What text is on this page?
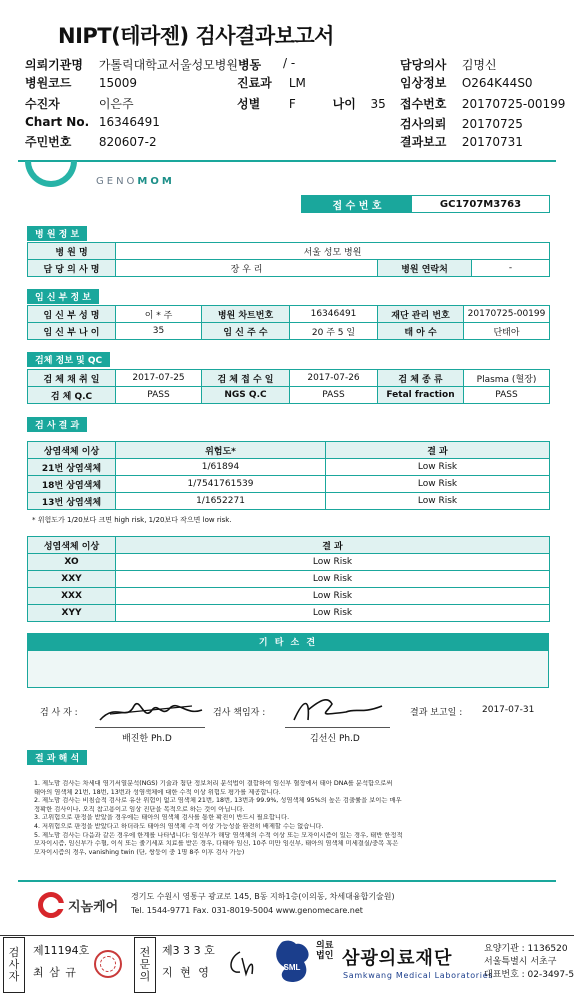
NIPT(테라젠) 검사결과보고서
의뢰기관명 가톨릭대학교서울성모병원병동 / -	담당의사 김명신
병원코드 15009	진료과 LM	임상정보 O264K44S0
수진자	이은주	성별 F	나이 35 접수번호 20170725-00199
Chart No. 16346491	검사의뢰 20170725
주민번호 820607-2	결과보고 20170731
GENOMOM
접 수 번 호	GC1707M3763
병 원 정 보
병 원 명	서울 성모 병원		
담 당 의 사 명	장 우 리	병원 연락처	-
임 신 부 정 보
임 신 부 성 명	이 * 주	병원 차트번호	16346491	재단 관리 번호	20170725-00199
임 신 부 나 이	35	임 신 주 수	20 주 5 일	태 아 수	단태아
검체 정보 및 QC
검 체 채 취 일	2017-07-25	검 체 접 수 일	2017-07-26	검 체 종 류	Plasma (혈장)
검 체 Q.C	PASS	NGS Q.C	PASS	Fetal fraction	PASS
검 사 결 과
상염색체 이상	위험도*	결 과
21번 상염색체	1/61894	Low Risk
18번 상염색체	1/7541761539	Low Risk
13번 상염색체	1/1652271	Low Risk
* 위험도가 1/20보다 크면 high risk, 1/20보다 작으면 low risk.
성염색체 이상	결 과
XO	Low Risk
XXY	Low Risk
XXX	Low Risk
XYY	Low Risk
기 타 소 견
검 사 자 :
배진한 Ph.D
검사 책임자 :
김선신 Ph.D
결과 보고일 : 2017-07-31
결 과 해 석

1. 제노맘 검사는 차세대 염기서열분석(NGS) 기술과 첨단 정보처리 분석법이 결합하여 임신부 혈장에서 태아 DNA를 분석함으로써

태아의 염색체 21번, 18번, 13번과 성염색체에 대한 수적 이상 위험도 평가를 제공합니다.

2. 제노맘 검사는 비침습적 검사로 유산 위험이 없고 염색체 21번, 18번, 13번과 99.9%, 성염색체 95%의 높은 검출률을 보이는 매우

정확한 검사이나, 오직 참고용이고 임상 진단을 목적으로 하는 것이 아닙니다.

3. 고위험으로 판정을 받았을 경우에는 태아의 염색체 검사를 통한 확진이 반드시 필요합니다.

4. 저위험으로 판정을 받았다고 하더라도 태아의 염색체 수적 이상 가능성을 완전히 배제할 수는 없습니다.

5. 제노맘 검사는 다음과 같은 경우에 한계를 나타냅니다: 임신부가 해당 염색체의 수적 이상 또는 모자이시즘이 있는 경우, 태반 한정적

모자이시즘, 임신부가 수혈, 이식 또는 줄기세포 치료를 받은 경우, 다태아 임신, 10주 미만 임신부, 태아의 염색체 미세결실/중복 혹은

모자이시즘의 경우, vanishing twin (단, 쌍둥이 중 1명 8주 이후 검사 가능)

지놈케어
경기도 수원시 영통구 광교로 145, B동 지하1층(이의동, 차세대융합기술원)
Tel. 1544-9771 Fax. 031-8019-5004 www.genomecare.net
검
사
자
제11194호
최 삼 규
전
문
의
제3 3 3 호
지 현 영	SML
의료
법인 삼광의료재단
Samkwang Medical Laboratories
요양기관 : 1136520
서울특별시 서초구
대표번호 : 02-3497-5
